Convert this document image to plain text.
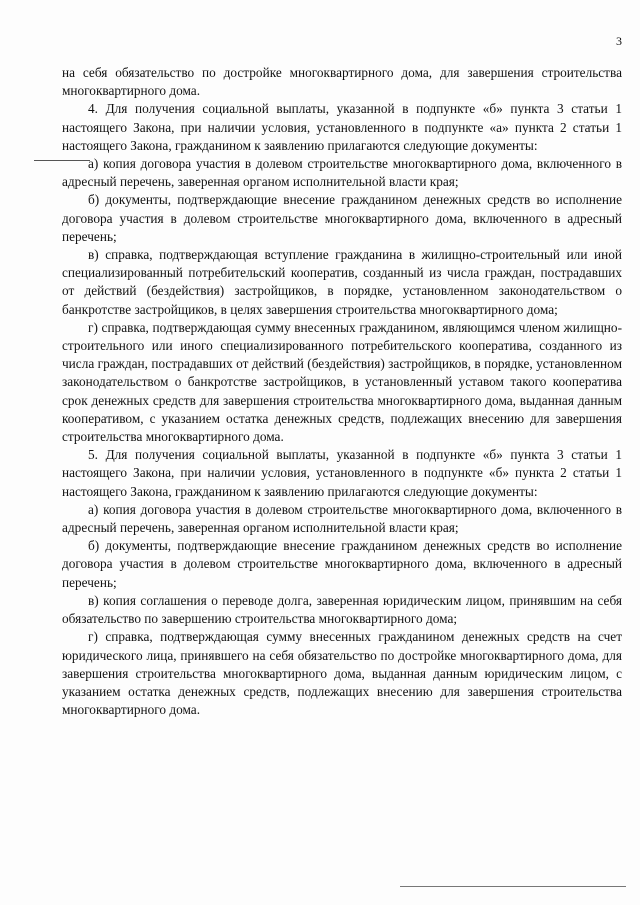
3

на себя обязательство по достройке многоквартирного дома, для завершения строительства многоквартирного дома.

4. Для получения социальной выплаты, указанной в подпункте «б» пункта 3 статьи 1 настоящего Закона, при наличии условия, установленного в подпункте «а» пункта 2 статьи 1 настоящего Закона, гражданином к заявлению прилагаются следующие документы:

а) копия договора участия в долевом строительстве многоквартирного дома, включенного в адресный перечень, заверенная органом исполнительной власти края;

б) документы, подтверждающие внесение гражданином денежных средств во исполнение договора участия в долевом строительстве многоквартирного дома, включенного в адресный перечень;

в) справка, подтверждающая вступление гражданина в жилищно-строительный или иной специализированный потребительский кооператив, созданный из числа граждан, пострадавших от действий (бездействия) застройщиков, в порядке, установленном законодательством о банкротстве застройщиков, в целях завершения строительства многоквартирного дома;

г) справка, подтверждающая сумму внесенных гражданином, являющимся членом жилищно-строительного или иного специализированного потребительского кооператива, созданного из числа граждан, пострадавших от действий (бездействия) застройщиков, в порядке, установленном законодательством о банкротстве застройщиков, в установленный уставом такого кооператива срок денежных средств для завершения строительства многоквартирного дома, выданная данным кооперативом, с указанием остатка денежных средств, подлежащих внесению для завершения строительства многоквартирного дома.

5. Для получения социальной выплаты, указанной в подпункте «б» пункта 3 статьи 1 настоящего Закона, при наличии условия, установленного в подпункте «б» пункта 2 статьи 1 настоящего Закона, гражданином к заявлению прилагаются следующие документы:

а) копия договора участия в долевом строительстве многоквартирного дома, включенного в адресный перечень, заверенная органом исполнительной власти края;

б) документы, подтверждающие внесение гражданином денежных средств во исполнение договора участия в долевом строительстве многоквартирного дома, включенного в адресный перечень;

в) копия соглашения о переводе долга, заверенная юридическим лицом, принявшим на себя обязательство по завершению строительства многоквартирного дома;

г) справка, подтверждающая сумму внесенных гражданином денежных средств на счет юридического лица, принявшего на себя обязательство по достройке многоквартирного дома, для завершения строительства многоквартирного дома, выданная данным юридическим лицом, с указанием остатка денежных средств, подлежащих внесению для завершения строительства многоквартирного дома.
